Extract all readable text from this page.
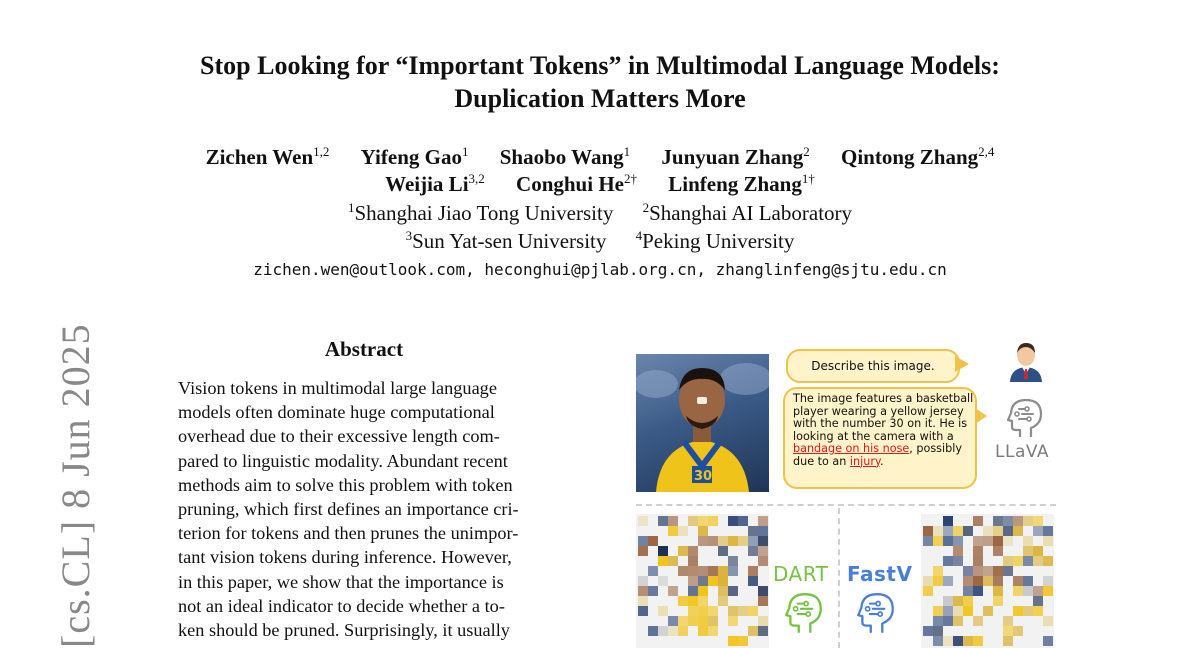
Stop Looking for “Important Tokens” in Multimodal Language Models:
Duplication Matters More
Zichen Wen$^{1,2}$ Yifeng Gao$^1$ Shaobo Wang$^1$ Junyuan Zhang$^2$ Qintong Zhang$^{2,4}$
Weijia Li$^{3,2}$ Conghui $He^{2\dagger}$ Linfeng Zhang$^{1\dagger}$
$^1$Shanghai Jiao Tong University $^2$Shanghai AI Laboratory
$^3$Sun Yat-sen University $^4$Peking University
zichen.wen@outlook.com, heconghui@pjlab.org.cn, zhanglinfeng@sjtu.edu.cn
[cs.CL] 8 Jun 2025	Abstract
Vision tokens in multimodal large language
models often dominate huge computational
overhead due to their excessive length com-
pared to linguistic modality. Abundant recent
methods aim to solve this problem with token
pruning, which first defines an importance cri-
terion for tokens and then prunes the unimpor-
tant vision tokens during inference. However,
in this paper, we show that the importance is
not an ideal indicator to decide whether a to-
ken should be pruned. Surprisingly, it usually
30
Describe this image.
The image features a basketball player wearing a yellow jersey with the number 30 on it. He is looking at the camera with a bandage on his nose, possibly due to an injury.	LLaVA
DART FastV
